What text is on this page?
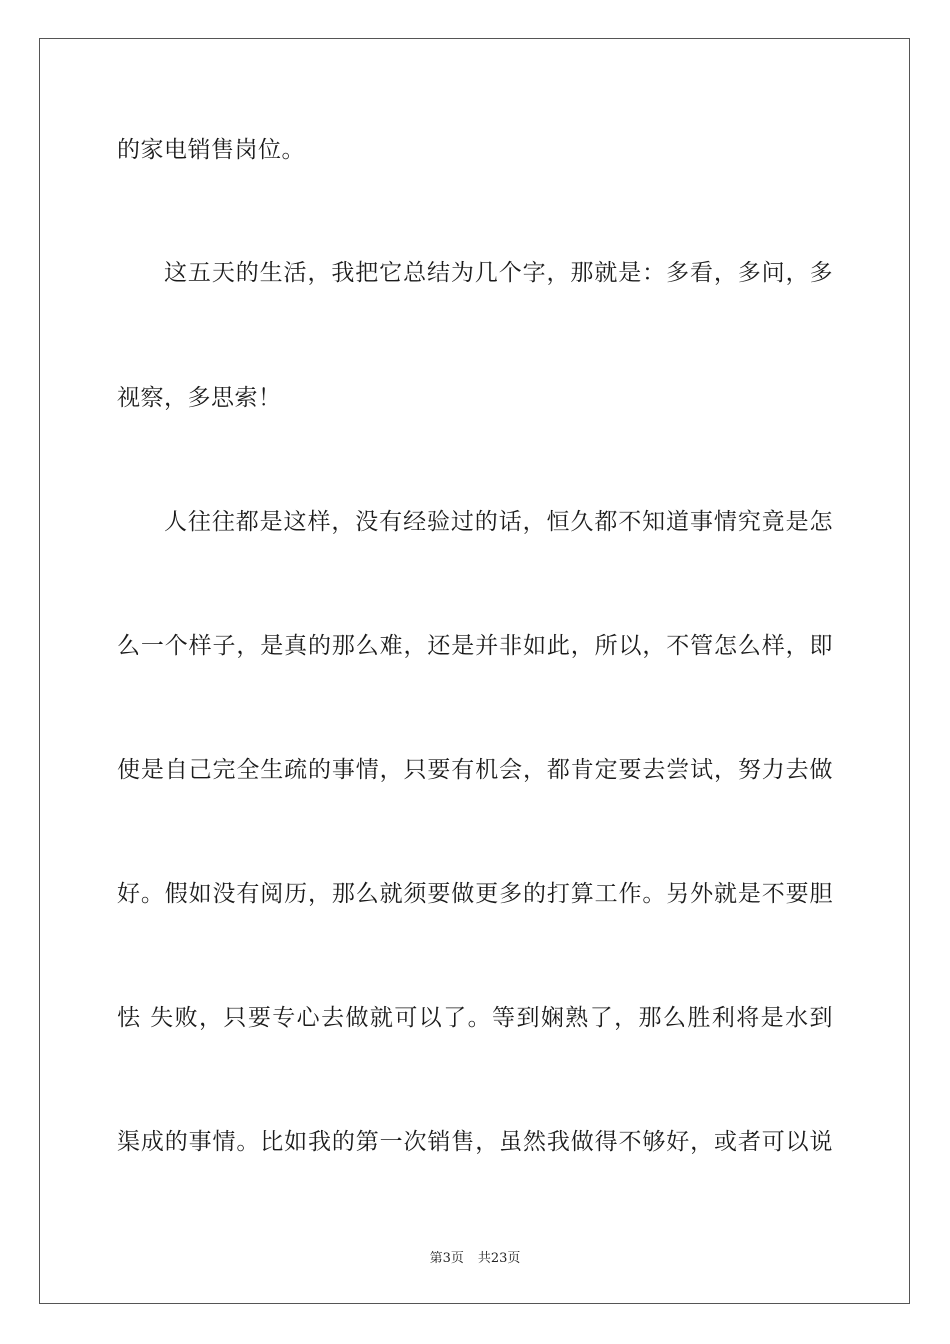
的家电销售岗位。
这五天的生活，我把它总结为几个字，那就是：多看，多问，多
视察，多思索！
人往往都是这样，没有经验过的话，恒久都不知道事情究竟是怎
么一个样子，是真的那么难，还是并非如此，所以，不管怎么样，即
使是自己完全生疏的事情，只要有机会，都肯定要去尝试，努力去做
好。假如没有阅历，那么就须要做更多的打算工作。另外就是不要胆
怯 失败，只要专心去做就可以了。等到娴熟了，那么胜利将是水到
渠成的事情。比如我的第一次销售，虽然我做得不够好，或者可以说
第3页 共23页
